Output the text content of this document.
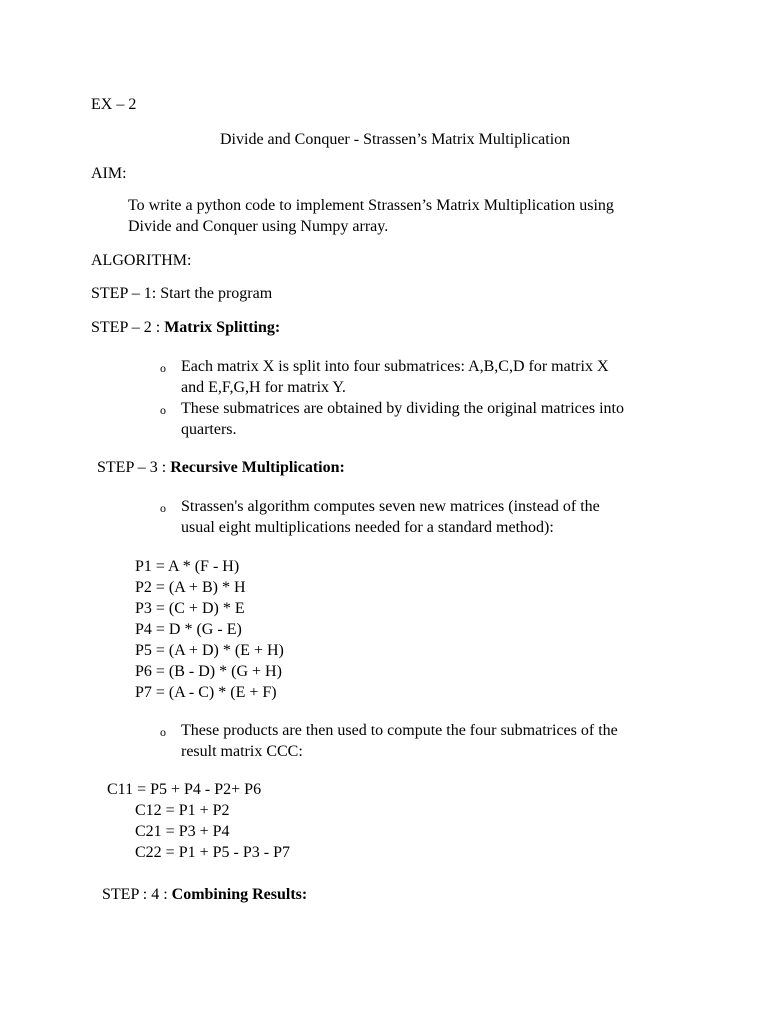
EX – 2
Divide and Conquer - Strassen’s Matrix Multiplication
AIM:
To write a python code to implement Strassen’s Matrix Multiplication using
Divide and Conquer using Numpy array.
ALGORITHM:
STEP – 1: Start the program
STEP – 2 : Matrix Splitting:
o Each matrix X is split into four submatrices: A,B,C,D for matrix X
and E,F,G,H for matrix Y.
o These submatrices are obtained by dividing the original matrices into
quarters.
STEP – 3 : Recursive Multiplication:
o Strassen's algorithm computes seven new matrices (instead of the
usual eight multiplications needed for a standard method):
P1 = A * (F - H)
P2 = (A + B) * H
P3 = (C + D) * E
P4 = D * (G - E)
P5 = (A + D) * (E + H)
P6 = (B - D) * (G + H)
P7 = (A - C) * (E + F)
o These products are then used to compute the four submatrices of the
result matrix CCC:
C11 = P5 + P4 - P2+ P6
C12 = P1 + P2
C21 = P3 + P4
C22 = P1 + P5 - P3 - P7
STEP : 4 : Combining Results:
